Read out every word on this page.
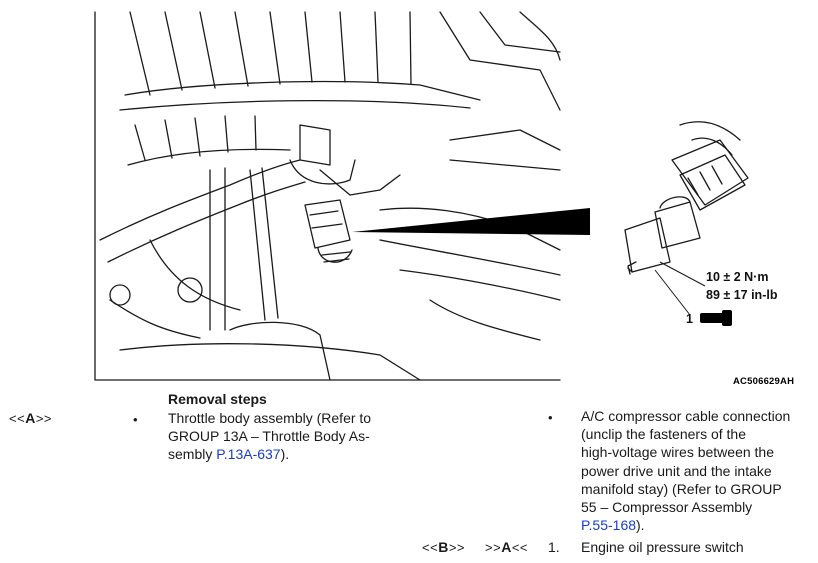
1
10 ± 2 N·m
89 ± 17 in-lb
AC506629AH
Removal steps
<<A>>	• Throttle body assembly (Refer to
GROUP 13A – Throttle Body As-
sembly P.13A-637).
• A/C compressor cable connection
(unclip the fasteners of the
high-voltage wires between the
power drive unit and the intake
manifold stay) (Refer to GROUP
55 – Compressor Assembly
P.55-168).
<<B>> >>A<< 1. Engine oil pressure switch
